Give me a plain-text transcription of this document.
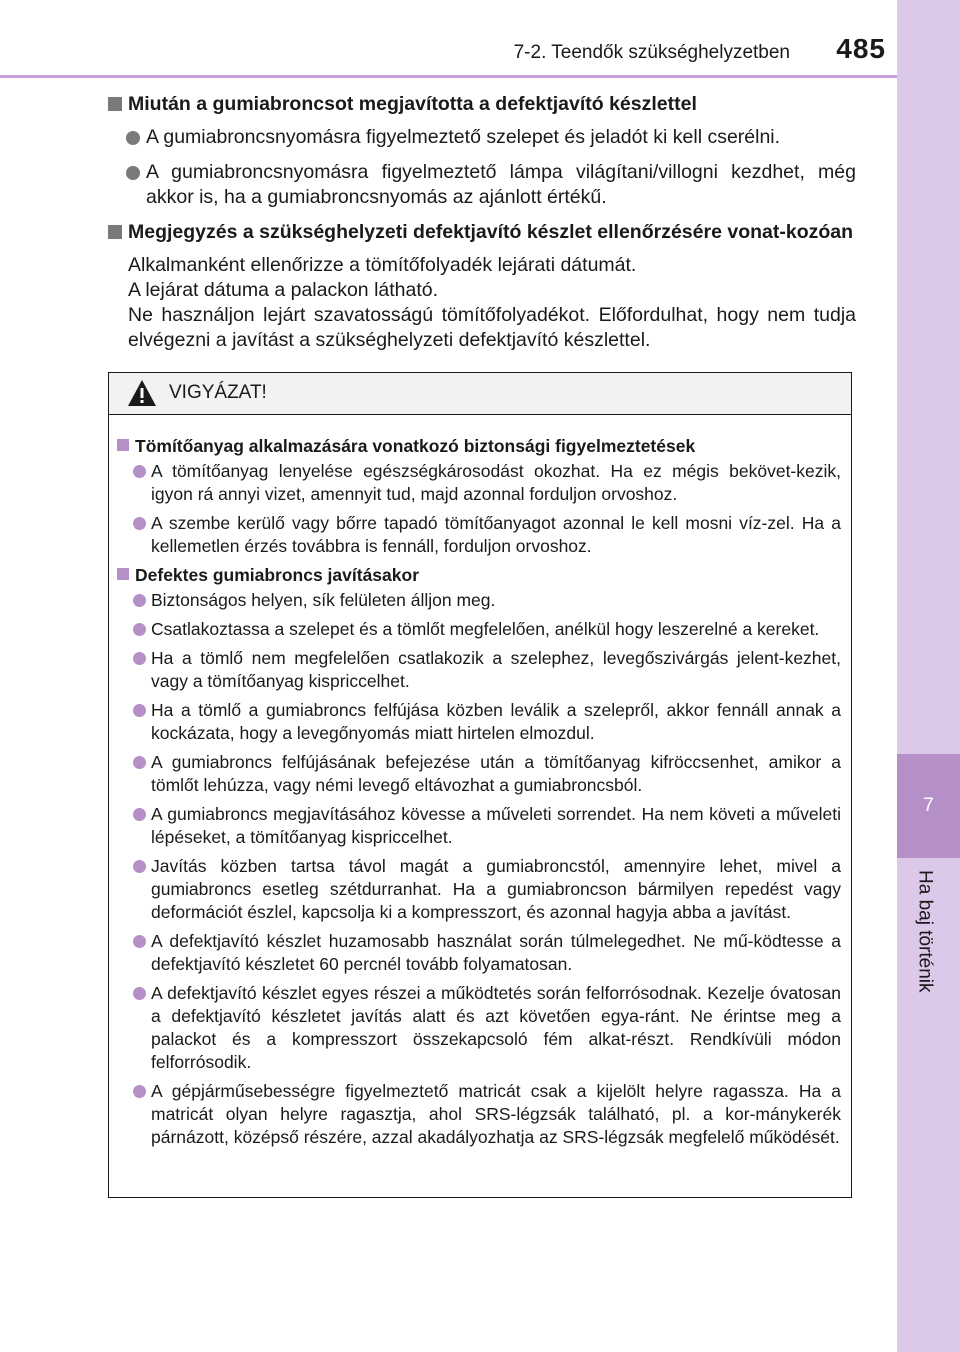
7-2. Teendők szükséghelyzetben	485
7
Ha baj történik
Miután a gumiabroncsot megjavította a defektjavító készlettel
A gumiabroncsnyomásra figyelmeztető szelepet és jeladót ki kell cserélni.
A gumiabroncsnyomásra figyelmeztető lámpa világítani/villogni kezdhet, még akkor is, ha a gumiabroncsnyomás az ajánlott értékű.
Megjegyzés a szükséghelyzeti defektjavító készlet ellenőrzésére vonat-kozóan
Alkalmanként ellenőrizze a tömítőfolyadék lejárati dátumát.
A lejárat dátuma a palackon látható.
Ne használjon lejárt szavatosságú tömítőfolyadékot. Előfordulhat, hogy nem tudja elvégezni a javítást a szükséghelyzeti defektjavító készlettel.
VIGYÁZAT!
Tömítőanyag alkalmazására vonatkozó biztonsági figyelmeztetések
A tömítőanyag lenyelése egészségkárosodást okozhat. Ha ez mégis bekövet-kezik, igyon rá annyi vizet, amennyit tud, majd azonnal forduljon orvoshoz.
A szembe kerülő vagy bőrre tapadó tömítőanyagot azonnal le kell mosni víz-zel. Ha a kellemetlen érzés továbbra is fennáll, forduljon orvoshoz.
Defektes gumiabroncs javításakor
Biztonságos helyen, sík felületen álljon meg.
Csatlakoztassa a szelepet és a tömlőt megfelelően, anélkül hogy leszerelné a kereket.
Ha a tömlő nem megfelelően csatlakozik a szelephez, levegőszivárgás jelent-kezhet, vagy a tömítőanyag kispriccelhet.
Ha a tömlő a gumiabroncs felfújása közben leválik a szelepről, akkor fennáll annak a kockázata, hogy a levegőnyomás miatt hirtelen elmozdul.
A gumiabroncs felfújásának befejezése után a tömítőanyag kifröccsenhet, amikor a tömlőt lehúzza, vagy némi levegő eltávozhat a gumiabroncsból.
A gumiabroncs megjavításához kövesse a műveleti sorrendet. Ha nem követi a műveleti lépéseket, a tömítőanyag kispriccelhet.
Javítás közben tartsa távol magát a gumiabroncstól, amennyire lehet, mivel a gumiabroncs esetleg szétdurranhat. Ha a gumiabroncson bármilyen repedést vagy deformációt észlel, kapcsolja ki a kompresszort, és azonnal hagyja abba a javítást.
A defektjavító készlet huzamosabb használat során túlmelegedhet. Ne mű-ködtesse a defektjavító készletet 60 percnél tovább folyamatosan.
A defektjavító készlet egyes részei a működtetés során felforrósodnak. Kezelje óvatosan a defektjavító készletet javítás alatt és azt követően egya-ránt. Ne érintse meg a palackot és a kompresszort összekapcsoló fém alkat-részt. Rendkívüli módon felforrósodik.
A gépjárműsebességre figyelmeztető matricát csak a kijelölt helyre ragassza. Ha a matricát olyan helyre ragasztja, ahol SRS-légzsák található, pl. a kor-mánykerék párnázott, középső részére, azzal akadályozhatja az SRS-légzsák megfelelő működését.
